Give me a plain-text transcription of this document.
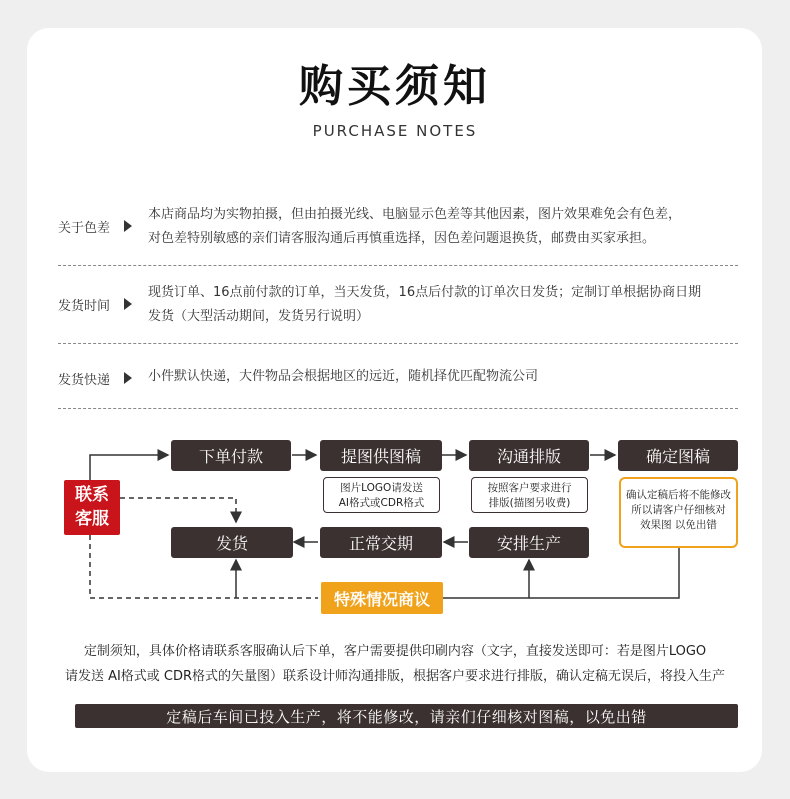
购买须知
PURCHASE NOTES
关于色差
本店商品均为实物拍摄，但由拍摄光线、电脑显示色差等其他因素，图片效果难免会有色差，
对色差特别敏感的亲们请客服沟通后再慎重选择，因色差问题退换货，邮费由买家承担。
发货时间
现货订单、16点前付款的订单，当天发货，16点后付款的订单次日发货；定制订单根据协商日期
发货（大型活动期间，发货另行说明）
发货快递	小件默认快递，大件物品会根据地区的远近，随机择优匹配物流公司
联系
客服
下单付款	提图供图稿	沟通排版	确定图稿
图片LOGO请发送
AI格式或CDR格式
按照客户要求进行
排版(描图另收费)
确认定稿后将不能修改
所以请客户仔细核对
效果图 以免出错
发货	正常交期	安排生产
特殊情况商议
定制须知，具体价格请联系客服确认后下单，客户需要提供印刷内容（文字，直接发送即可：若是图片LOGO
请发送 AI格式或 CDR格式的矢量图）联系设计师沟通排版，根据客户要求进行排版，确认定稿无误后，将投入生产
定稿后车间已投入生产，将不能修改，请亲们仔细核对图稿，以免出错
